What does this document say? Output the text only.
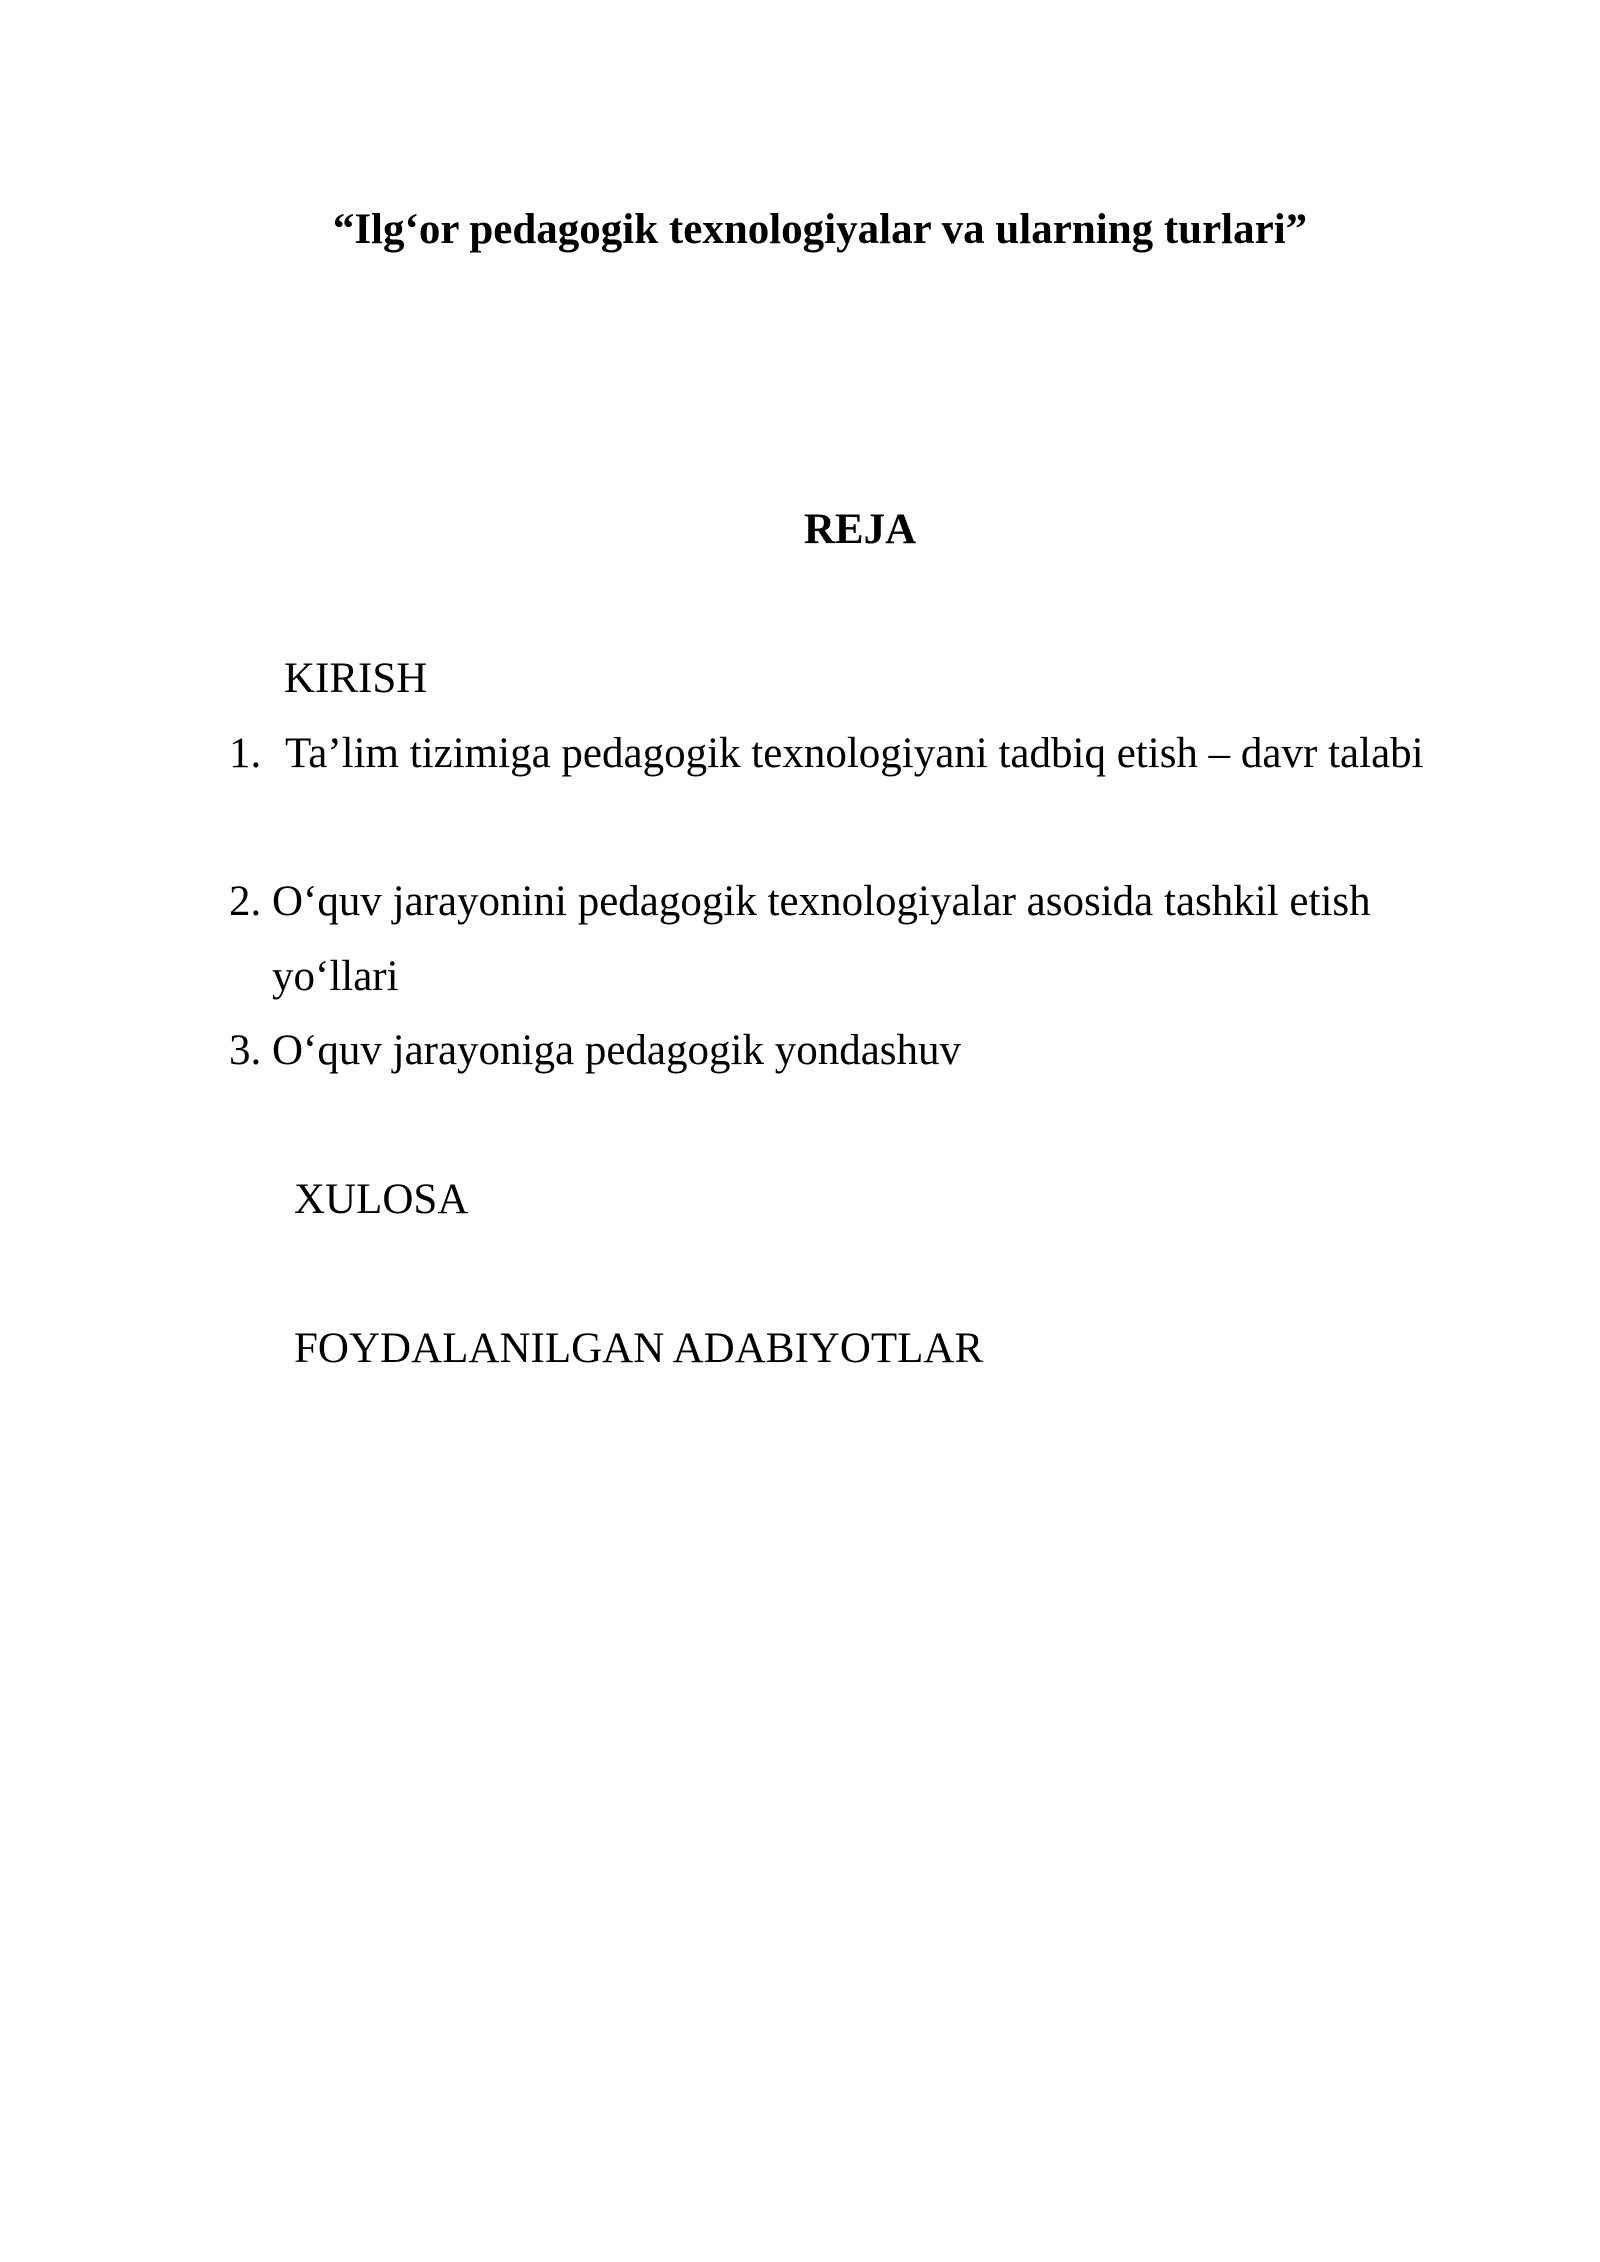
“Ilg‘or pedagogik texnologiyalar va ularning turlari”
REJA
KIRISH
1. Ta’lim tizimiga pedagogik texnologiyani tadbiq etish – davr talabi
2. O‘quv jarayonini pedagogik texnologiyalar asosida tashkil etish
yo‘llari
3. O‘quv jarayoniga pedagogik yondashuv
XULOSA
FOYDALANILGAN ADABIYOTLAR
